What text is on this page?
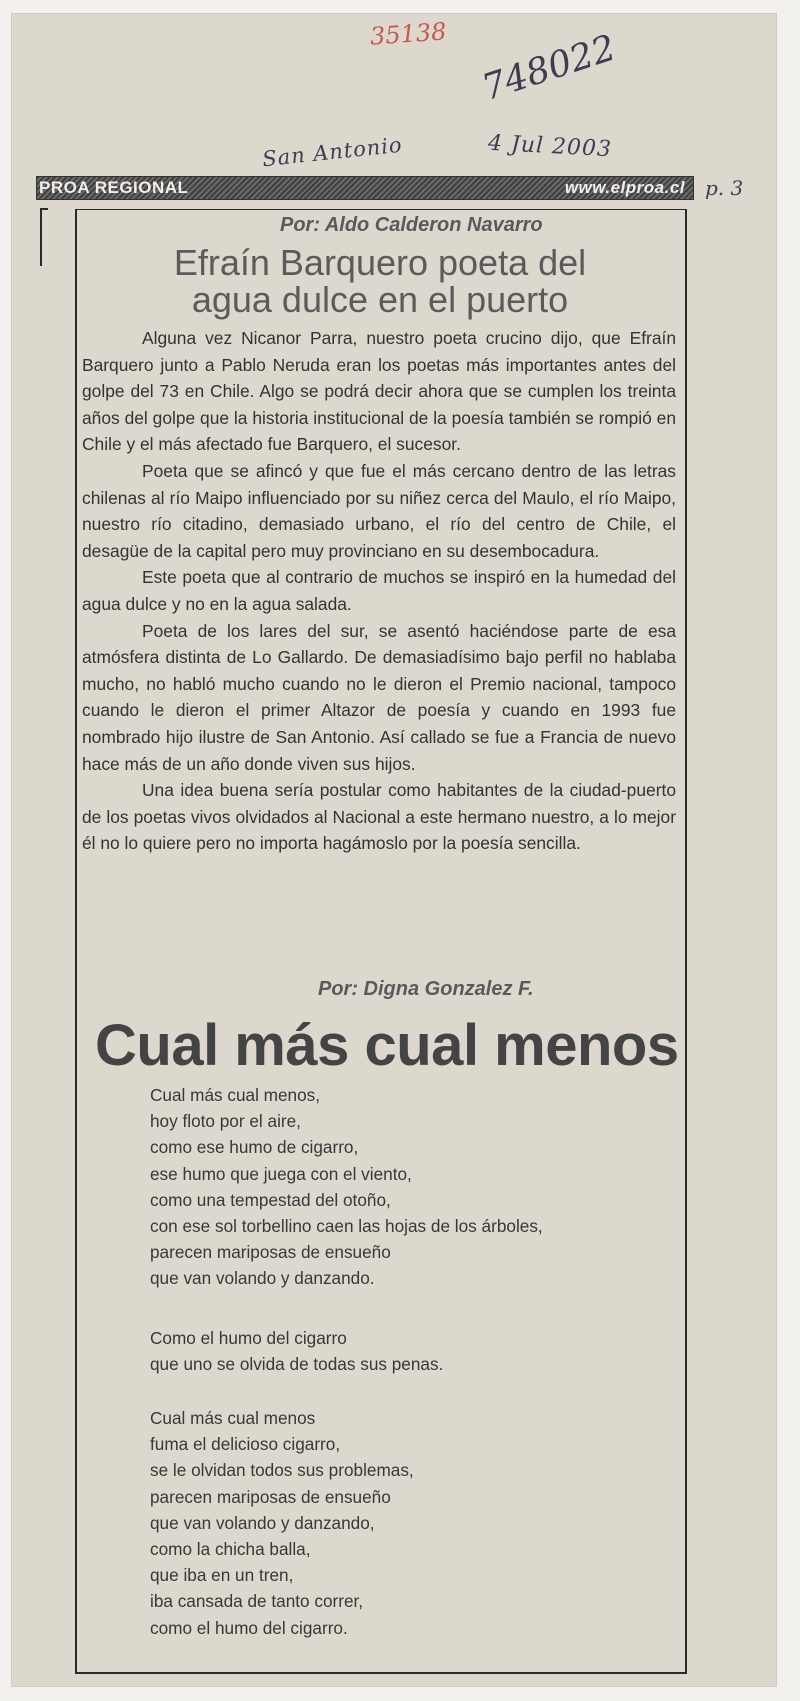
35138 748022
San Antonio	4 Jul 2003
p. 3
PROA REGIONAL	www.elproa.cl
Por: Aldo Calderon Navarro
Efraín Barquero poeta del
agua dulce en el puerto

Alguna vez Nicanor Parra, nuestro poeta crucino dijo, que Efraín Barquero junto a Pablo Neruda eran los poetas más importantes antes del golpe del 73 en Chile. Algo se podrá decir ahora que se cumplen los treinta años del golpe que la historia institucional de la poesía también se rompió en Chile y el más afectado fue Barquero, el sucesor.

Poeta que se afincó y que fue el más cercano dentro de las letras chilenas al río Maipo influenciado por su niñez cerca del Maulo, el río Maipo, nuestro río citadino, demasiado urbano, el río del centro de Chile, el desagüe de la capital pero muy provinciano en su desembocadura.

Este poeta que al contrario de muchos se inspiró en la humedad del agua dulce y no en la agua salada.

Poeta de los lares del sur, se asentó haciéndose parte de esa atmósfera distinta de Lo Gallardo. De demasiadísimo bajo perfil no hablaba mucho, no habló mucho cuando no le dieron el Premio nacional, tampoco cuando le dieron el primer Altazor de poesía y cuando en 1993 fue nombrado hijo ilustre de San Antonio. Así callado se fue a Francia de nuevo hace más de un año donde viven sus hijos.

Una idea buena sería postular como habitantes de la ciudad-puerto de los poetas vivos olvidados al Nacional a este hermano nuestro, a lo mejor él no lo quiere pero no importa hagámoslo por la poesía sencilla.

Por: Digna Gonzalez F.
Cual más cual menos
Cual más cual menos,
hoy floto por el aire,
como ese humo de cigarro,
ese humo que juega con el viento,
como una tempestad del otoño,
con ese sol torbellino caen las hojas de los árboles,
parecen mariposas de ensueño
que van volando y danzando.
Como el humo del cigarro
que uno se olvida de todas sus penas.
Cual más cual menos
fuma el delicioso cigarro,
se le olvidan todos sus problemas,
parecen mariposas de ensueño
que van volando y danzando,
como la chicha balla,
que iba en un tren,
iba cansada de tanto correr,
como el humo del cigarro.
